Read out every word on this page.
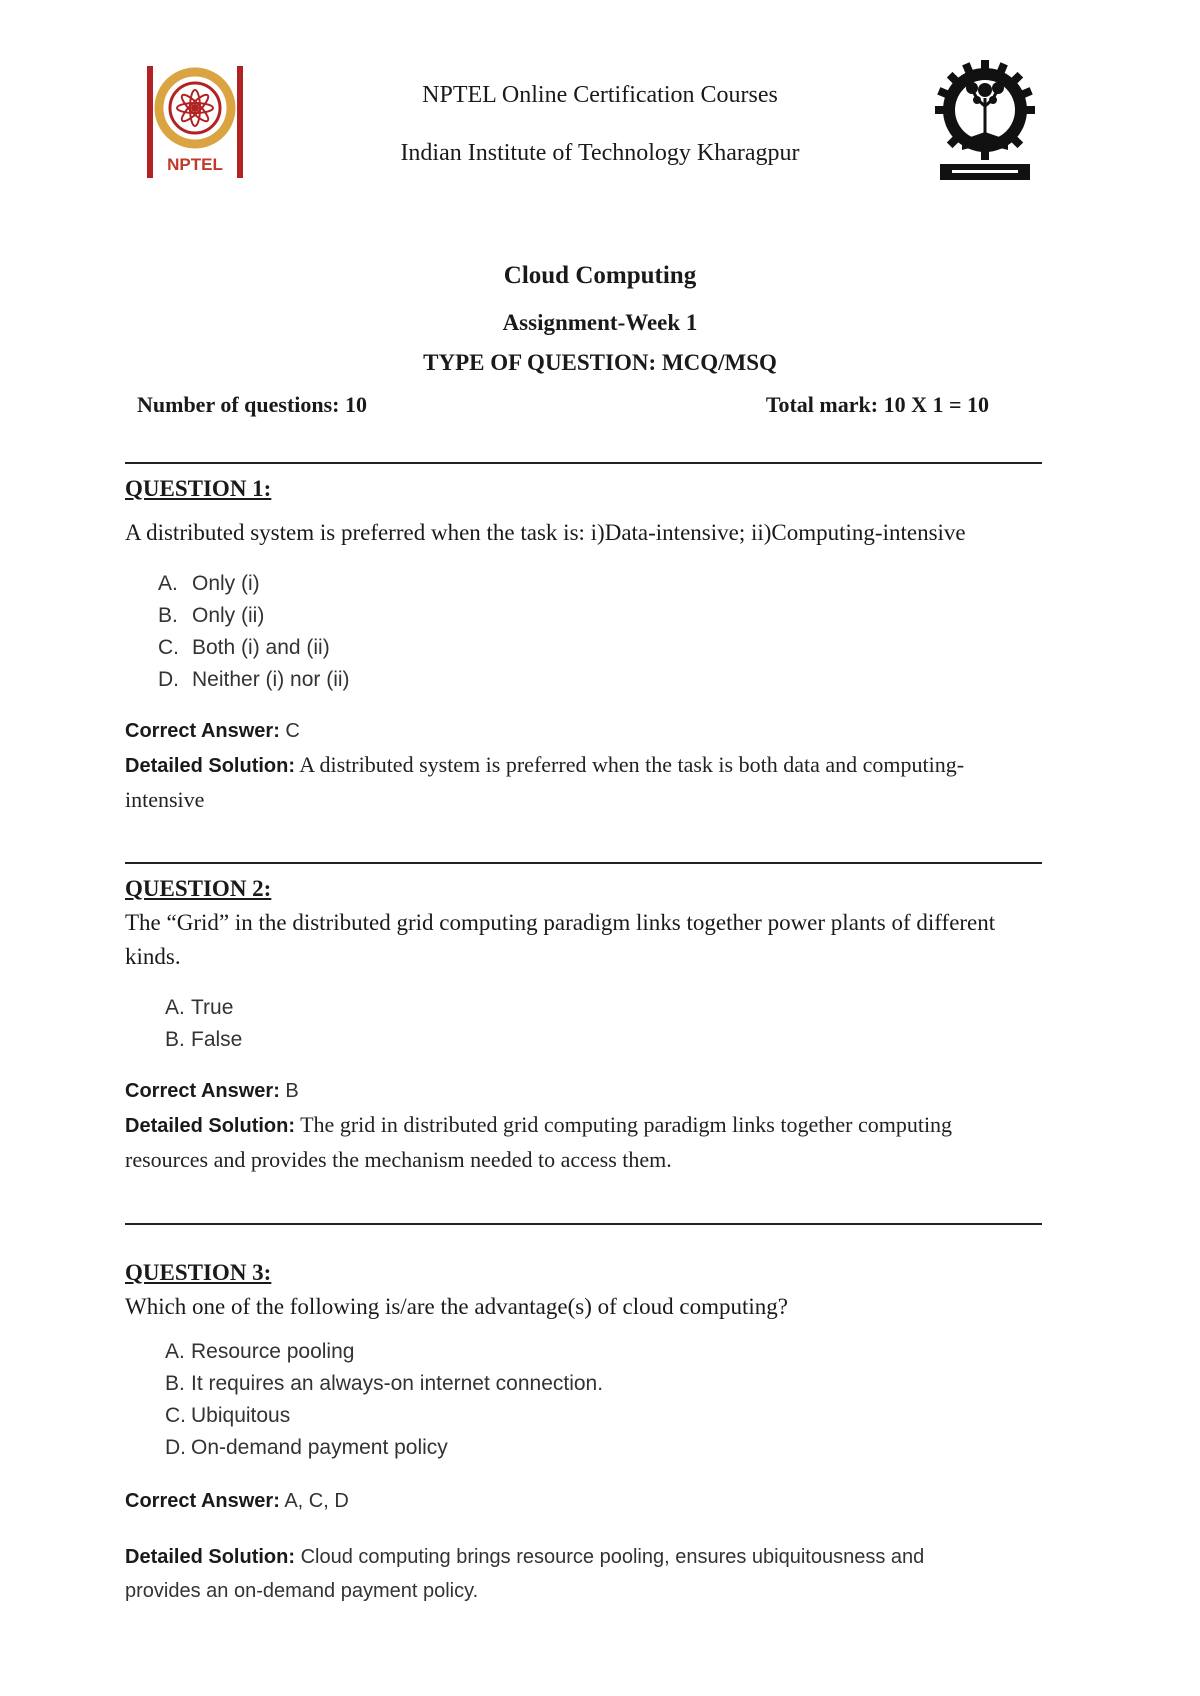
NPTEL
NPTEL Online Certification Courses
Indian Institute of Technology Kharagpur
Cloud Computing
Assignment-Week 1
TYPE OF QUESTION: MCQ/MSQ
Number of questions: 10	Total mark: 10 X 1 = 10
QUESTION 1:
A distributed system is preferred when the task is: i)Data-intensive; ii)Computing-intensive
A. Only (i)
B. Only (ii)
C. Both (i) and (ii)
D. Neither (i) nor (ii)
Correct Answer: C
Detailed Solution: A distributed system is preferred when the task is both data and computing-intensive
QUESTION 2:
The “Grid” in the distributed grid computing paradigm links together power plants of different kinds.
A. True
B. False
Correct Answer: B
Detailed Solution: The grid in distributed grid computing paradigm links together computing resources and provides the mechanism needed to access them.
QUESTION 3:
Which one of the following is/are the advantage(s) of cloud computing?
A. Resource pooling
B. It requires an always-on internet connection.
C. Ubiquitous
D. On-demand payment policy
Correct Answer: A, C, D
Detailed Solution: Cloud computing brings resource pooling, ensures ubiquitousness and provides an on-demand payment policy.
